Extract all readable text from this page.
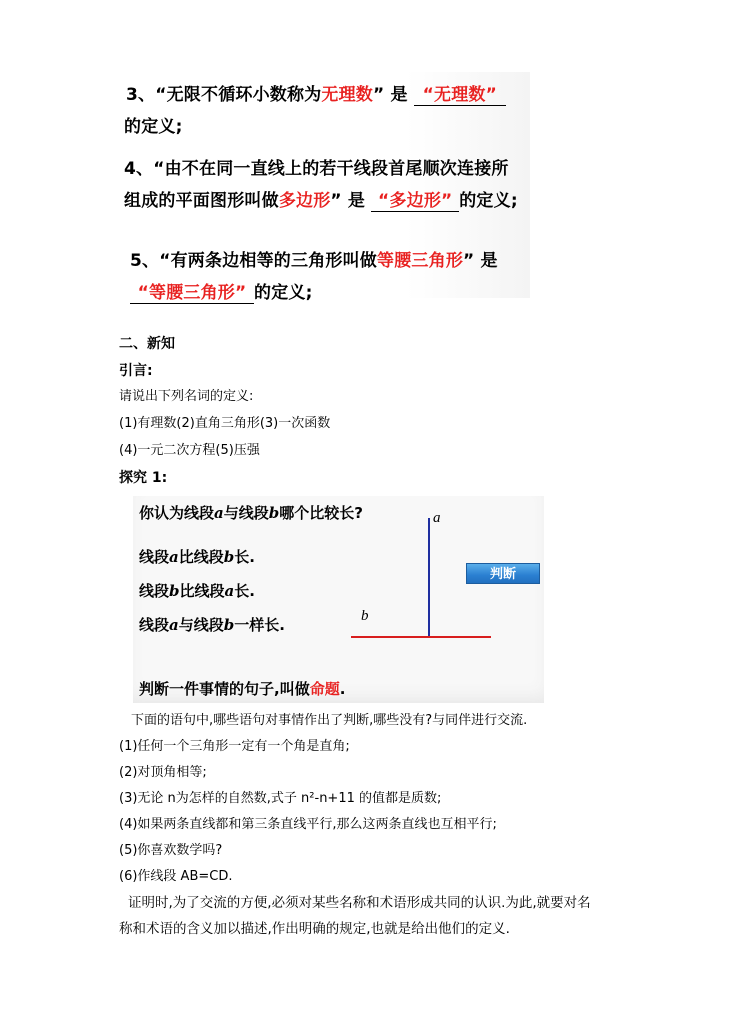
3、“无限不循环小数称为无理数” 是 “无理数”
的定义;
4、“由不在同一直线上的若干线段首尾顺次连接所
组成的平面图形叫做多边形” 是 “多边形” 的定义;
5、“有两条边相等的三角形叫做等腰三角形” 是
“等腰三角形” 的定义;
二、新知
引言:
请说出下列名词的定义:
(1)有理数(2)直角三角形(3)一次函数
(4)一元二次方程(5)压强
探究 1:
你认为线段a与线段b哪个比较长?
线段a比线段b长.
线段b比线段a长.
线段a与线段b一样长.
a
b
判断
判断一件事情的句子,叫做命题.
下面的语句中,哪些语句对事情作出了判断,哪些没有?与同伴进行交流.
(1)任何一个三角形一定有一个角是直角;
(2)对顶角相等;
(3)无论 n为怎样的自然数,式子 n²-n+11 的值都是质数;
(4)如果两条直线都和第三条直线平行,那么这两条直线也互相平行;
(5)你喜欢数学吗?
(6)作线段 AB=CD.
证明时,为了交流的方便,必须对某些名称和术语形成共同的认识.为此,就要对名
称和术语的含义加以描述,作出明确的规定,也就是给出他们的定义.
